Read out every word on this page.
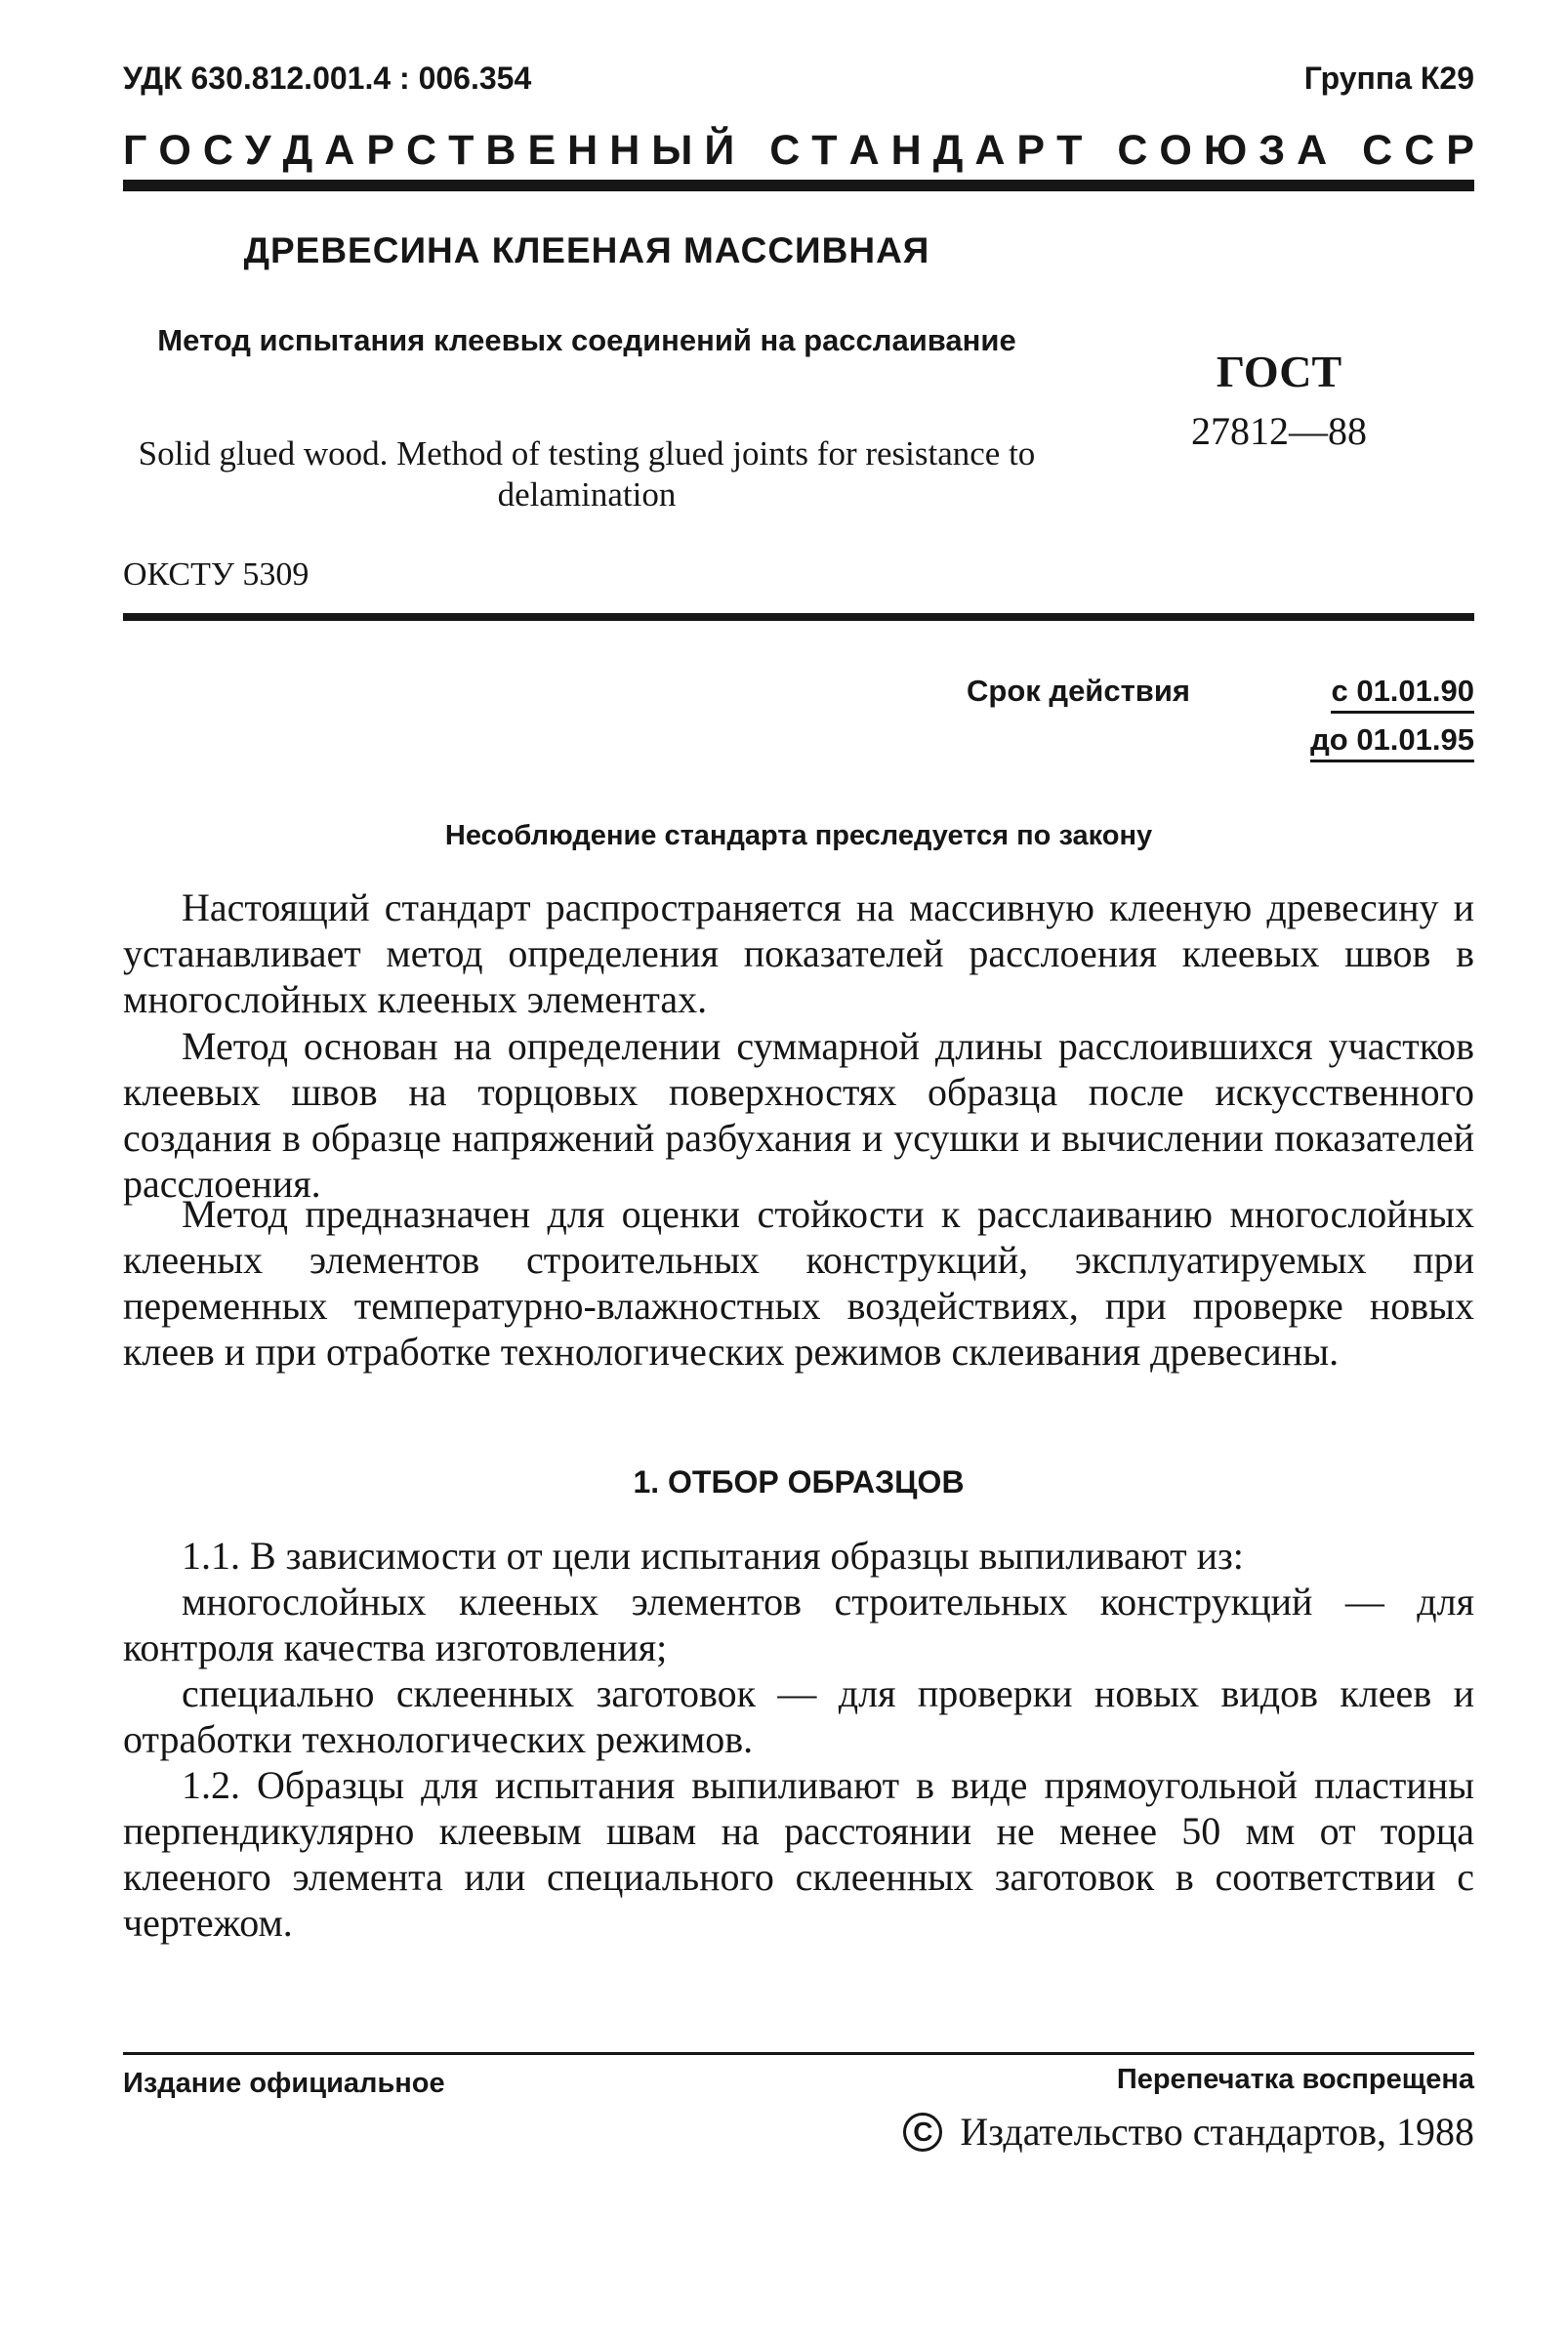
УДК 630.812.001.4 : 006.354	Группа К29
Г О С У Д А Р С Т В Е Н Н Ы Й
С Т А Н Д А Р Т
С О Ю З А
С С Р
ДРЕВЕСИНА КЛЕЕНАЯ МАССИВНАЯ
Метод испытания клеевых соединений на расслаивание
Solid glued wood. Method of testing glued joints for resistance to delamination
ГОСТ
27812—88
ОКСТУ 5309
Срок действия	с 01.01.90
до 01.01.95
Несоблюдение стандарта преследуется по закону

Настоящий стандарт распространяется на массивную клееную древесину и устанавливает метод определения показателей расслоения клеевых швов в многослойных клееных элементах.

Метод основан на определении суммарной длины расслоившихся участков клеевых швов на торцовых поверхностях образца после искусственного создания в образце напряжений разбухания и усушки и вычислении показателей расслоения.

Метод предназначен для оценки стойкости к расслаиванию многослойных клееных элементов строительных конструкций, эксплуатируемых при переменных температурно-влажностных воздействиях, при проверке новых клеев и при отработке технологических режимов склеивания древесины.

1. ОТБОР ОБРАЗЦОВ

1.1. В зависимости от цели испытания образцы выпиливают из:

многослойных клееных элементов строительных конструкций — для контроля качества изготовления;

специально склеенных заготовок — для проверки новых видов клеев и отработки технологических режимов.

1.2. Образцы для испытания выпиливают в виде прямоугольной пластины перпендикулярно клеевым швам на расстоянии не менее 50 мм от торца клееного элемента или специального склеенных заготовок в соответствии с чертежом.

Издание официальное	Перепечатка воспрещена
C Издательство стандартов, 1988
